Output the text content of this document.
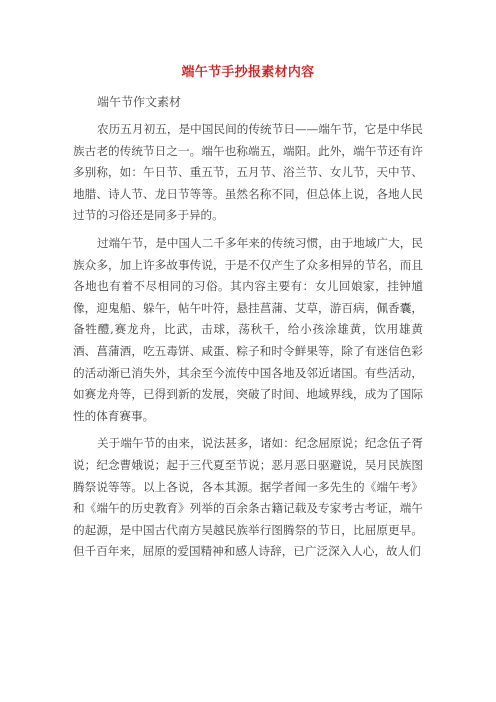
端午节手抄报素材内容
端午节作文素材

农历五月初五，是中国民间的传统节日——端午节，它是中华民族古老的传统节日之一。端午也称端五，端阳。此外，端午节还有许多别称，如：午日节、重五节，五月节、浴兰节、女儿节，天中节、地腊、诗人节、龙日节等等。虽然名称不同，但总体上说，各地人民过节的习俗还是同多于异的。

过端午节，是中国人二千多年来的传统习惯，由于地域广大，民族众多，加上许多故事传说，于是不仅产生了众多相异的节名，而且各地也有着不尽相同的习俗。其内容主要有：女儿回娘家，挂钟馗像，迎鬼船、躲午，帖午叶符，悬挂菖蒲、艾草，游百病，佩香囊，备牲醴,赛龙舟，比武，击球，荡秋千，给小孩涂雄黄，饮用雄黄酒、菖蒲酒，吃五毒饼、咸蛋、粽子和时令鲜果等，除了有迷信色彩的活动渐已消失外，其余至今流传中国各地及邻近诸国。有些活动，如赛龙舟等，已得到新的发展，突破了时间、地域界线，成为了国际性的体育赛事。

关于端午节的由来，说法甚多，诸如：纪念屈原说；纪念伍子胥说；纪念曹娥说；起于三代夏至节说；恶月恶日驱避说，吴月民族图腾祭说等等。以上各说，各本其源。据学者闻一多先生的《端午考》和《端午的历史教育》列举的百余条古籍记载及专家考古考证，端午的起源，是中国古代南方吴越民族举行图腾祭的节日，比屈原更早。但千百年来，屈原的爱国精神和感人诗辞，已广泛深入人心，故人们
